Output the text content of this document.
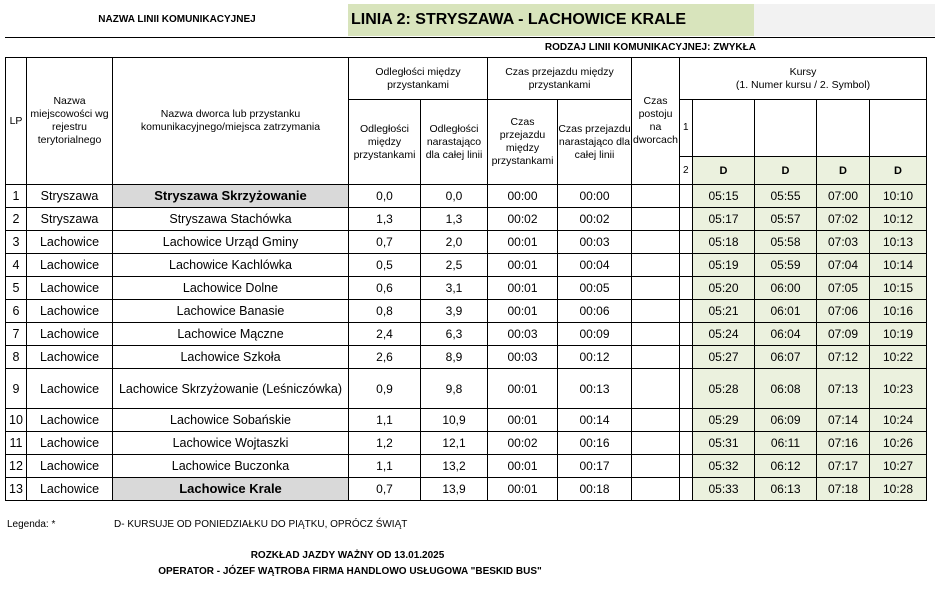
NAZWA LINII KOMUNIKACYJNEJ	LINIA 2: STRYSZAWA - LACHOWICE KRALE
RODZAJ LINII KOMUNIKACYJNEJ: ZWYKŁA
LP	Nazwa miejscowości wg rejestru terytorialnego	Nazwa dworca lub przystanku komunikacyjnego/miejsca zatrzymania	Odległości między przystankami		Czas przejazdu między przystankami		Czas postoju na dworcach	Kursy
(1. Numer kursu / 2. Symbol)				
			Odległości między przystankami	Odległości narastająco dla całej linii	Czas przejazdu między przystankami	Czas przejazdu narastająco dla całej linii		1				
								2	D	D	D	D
1	Stryszawa	Stryszawa Skrzyżowanie	0,0	0,0	00:00	00:00			05:15	05:55	07:00	10:10
2	Stryszawa	Stryszawa Stachówka	1,3	1,3	00:02	00:02			05:17	05:57	07:02	10:12
3	Lachowice	Lachowice Urząd Gminy	0,7	2,0	00:01	00:03			05:18	05:58	07:03	10:13
4	Lachowice	Lachowice Kachlówka	0,5	2,5	00:01	00:04			05:19	05:59	07:04	10:14
5	Lachowice	Lachowice Dolne	0,6	3,1	00:01	00:05			05:20	06:00	07:05	10:15
6	Lachowice	Lachowice Banasie	0,8	3,9	00:01	00:06			05:21	06:01	07:06	10:16
7	Lachowice	Lachowice Mączne	2,4	6,3	00:03	00:09			05:24	06:04	07:09	10:19
8	Lachowice	Lachowice Szkoła	2,6	8,9	00:03	00:12			05:27	06:07	07:12	10:22
9	Lachowice	Lachowice Skrzyżowanie (Leśniczówka)	0,9	9,8	00:01	00:13			05:28	06:08	07:13	10:23
10	Lachowice	Lachowice Sobańskie	1,1	10,9	00:01	00:14			05:29	06:09	07:14	10:24
11	Lachowice	Lachowice Wojtaszki	1,2	12,1	00:02	00:16			05:31	06:11	07:16	10:26
12	Lachowice	Lachowice Buczonka	1,1	13,2	00:01	00:17			05:32	06:12	07:17	10:27
13	Lachowice	Lachowice Krale	0,7	13,9	00:01	00:18			05:33	06:13	07:18	10:28
Legenda: *	D- KURSUJE OD PONIEDZIAŁKU DO PIĄTKU, OPRÓCZ ŚWIĄT
ROZKŁAD JAZDY WAŻNY OD 13.01.2025
OPERATOR - JÓZEF WĄTROBA FIRMA HANDLOWO USŁUGOWA "BESKID BUS"
